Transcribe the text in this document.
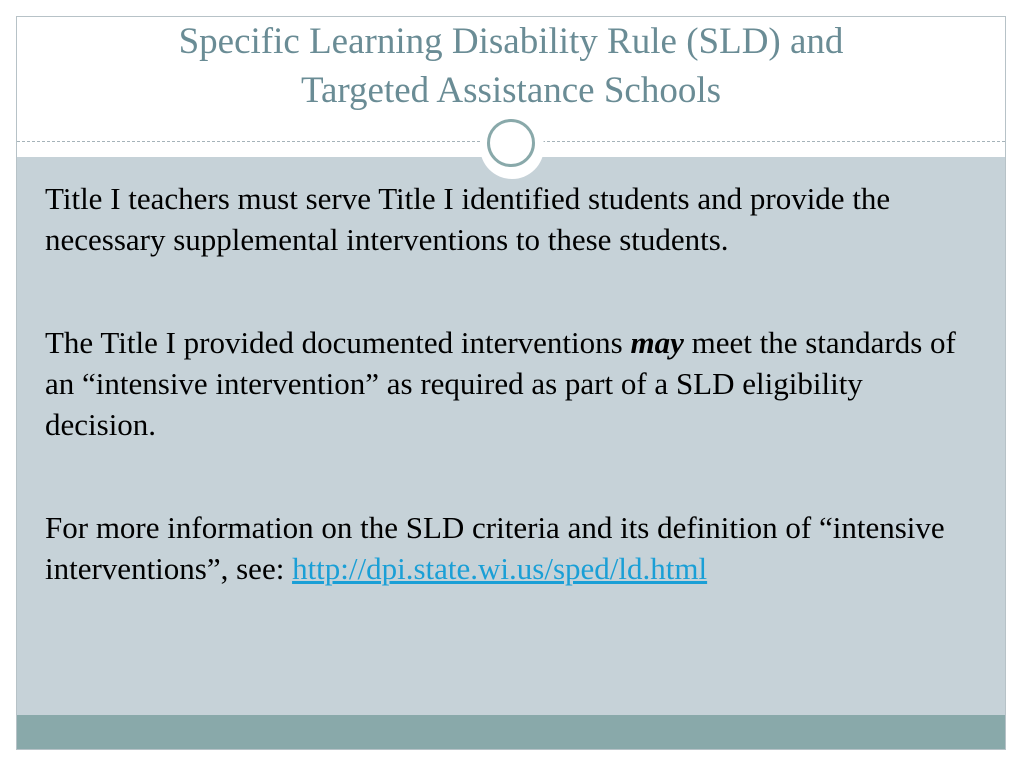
Specific Learning Disability Rule (SLD) and
Targeted Assistance Schools

Title I teachers must serve Title I identified students and provide the necessary supplemental interventions to these students.

The Title I provided documented interventions may meet the standards of an “intensive intervention” as required as part of a SLD eligibility decision.

For more information on the SLD criteria and its definition of “intensive interventions”, see: http://dpi.state.wi.us/sped/ld.html
